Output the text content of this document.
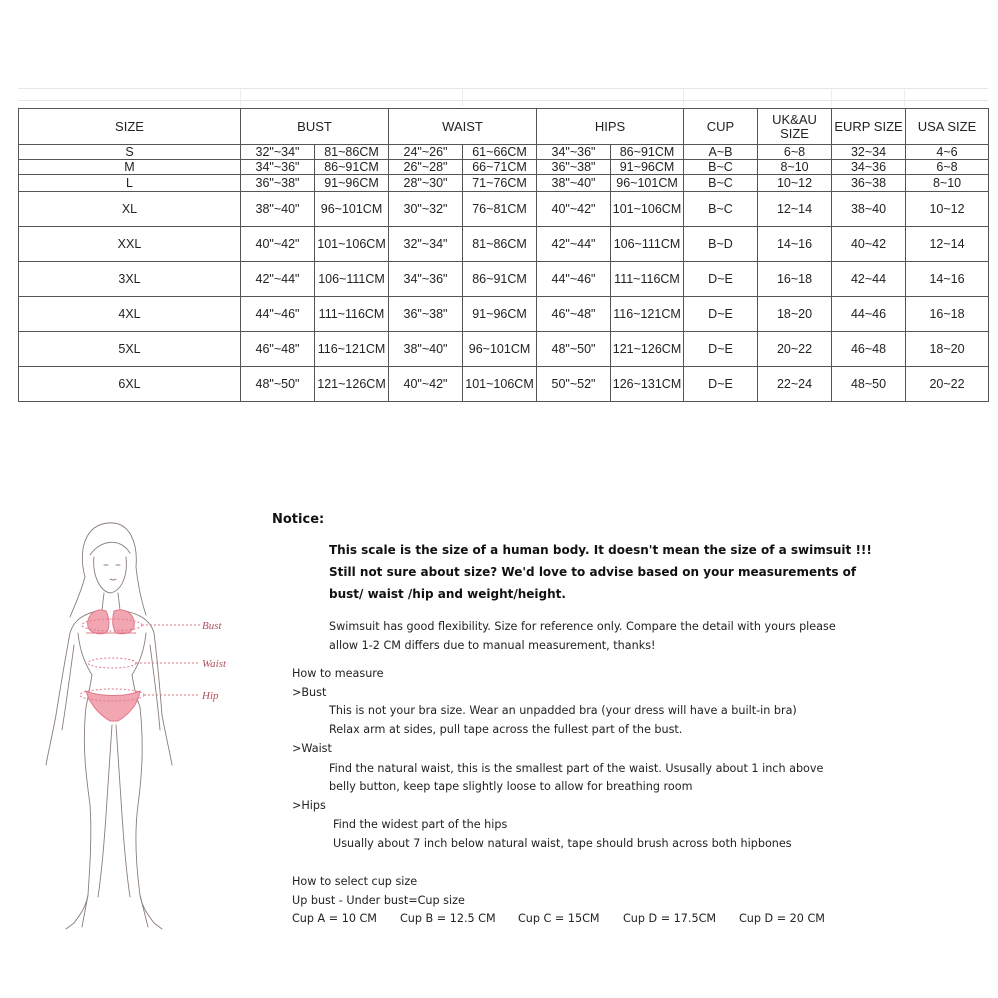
SIZE	BUST		WAIST		HIPS		CUP	UK&AU SIZE	EURP SIZE	USA SIZE
S	32"~34"	81~86CM	24"~26"	61~66CM	34"~36"	86~91CM	A~B	6~8	32~34	4~6
M	34"~36"	86~91CM	26"~28"	66~71CM	36"~38"	91~96CM	B~C	8~10	34~36	6~8
L	36"~38"	91~96CM	28"~30"	71~76CM	38"~40"	96~101CM	B~C	10~12	36~38	8~10
XL	38"~40"	96~101CM	30"~32"	76~81CM	40"~42"	101~106CM	B~C	12~14	38~40	10~12
XXL	40"~42"	101~106CM	32"~34"	81~86CM	42"~44"	106~111CM	B~D	14~16	40~42	12~14
3XL	42"~44"	106~111CM	34"~36"	86~91CM	44"~46"	111~116CM	D~E	16~18	42~44	14~16
4XL	44"~46"	111~116CM	36"~38"	91~96CM	46"~48"	116~121CM	D~E	18~20	44~46	16~18
5XL	46"~48"	116~121CM	38"~40"	96~101CM	48"~50"	121~126CM	D~E	20~22	46~48	18~20
6XL	48"~50"	121~126CM	40"~42"	101~106CM	50"~52"	126~131CM	D~E	22~24	48~50	20~22
Bust
Waist
Hip
Notice:
This scale is the size of a human body. It doesn't mean the size of a swimsuit !!!
Still not sure about size? We'd love to advise based on your measurements of
bust/ waist /hip and weight/height.
Swimsuit has good flexibility. Size for reference only. Compare the detail with yours please
allow 1-2 CM differs due to manual measurement, thanks!
How to measure
>Bust
This is not your bra size. Wear an unpadded bra (your dress will have a built-in bra)
Relax arm at sides, pull tape across the fullest part of the bust.
>Waist
Find the natural waist, this is the smallest part of the waist. Ususally about 1 inch above
belly button, keep tape slightly loose to allow for breathing room
>Hips
Find the widest part of the hips
Usually about 7 inch below natural waist, tape should brush across both hipbones
How to select cup size
Up bust - Under bust=Cup size
Cup A = 10 CM Cup B = 12.5 CM Cup C = 15CM Cup D = 17.5CM Cup D = 20 CM
